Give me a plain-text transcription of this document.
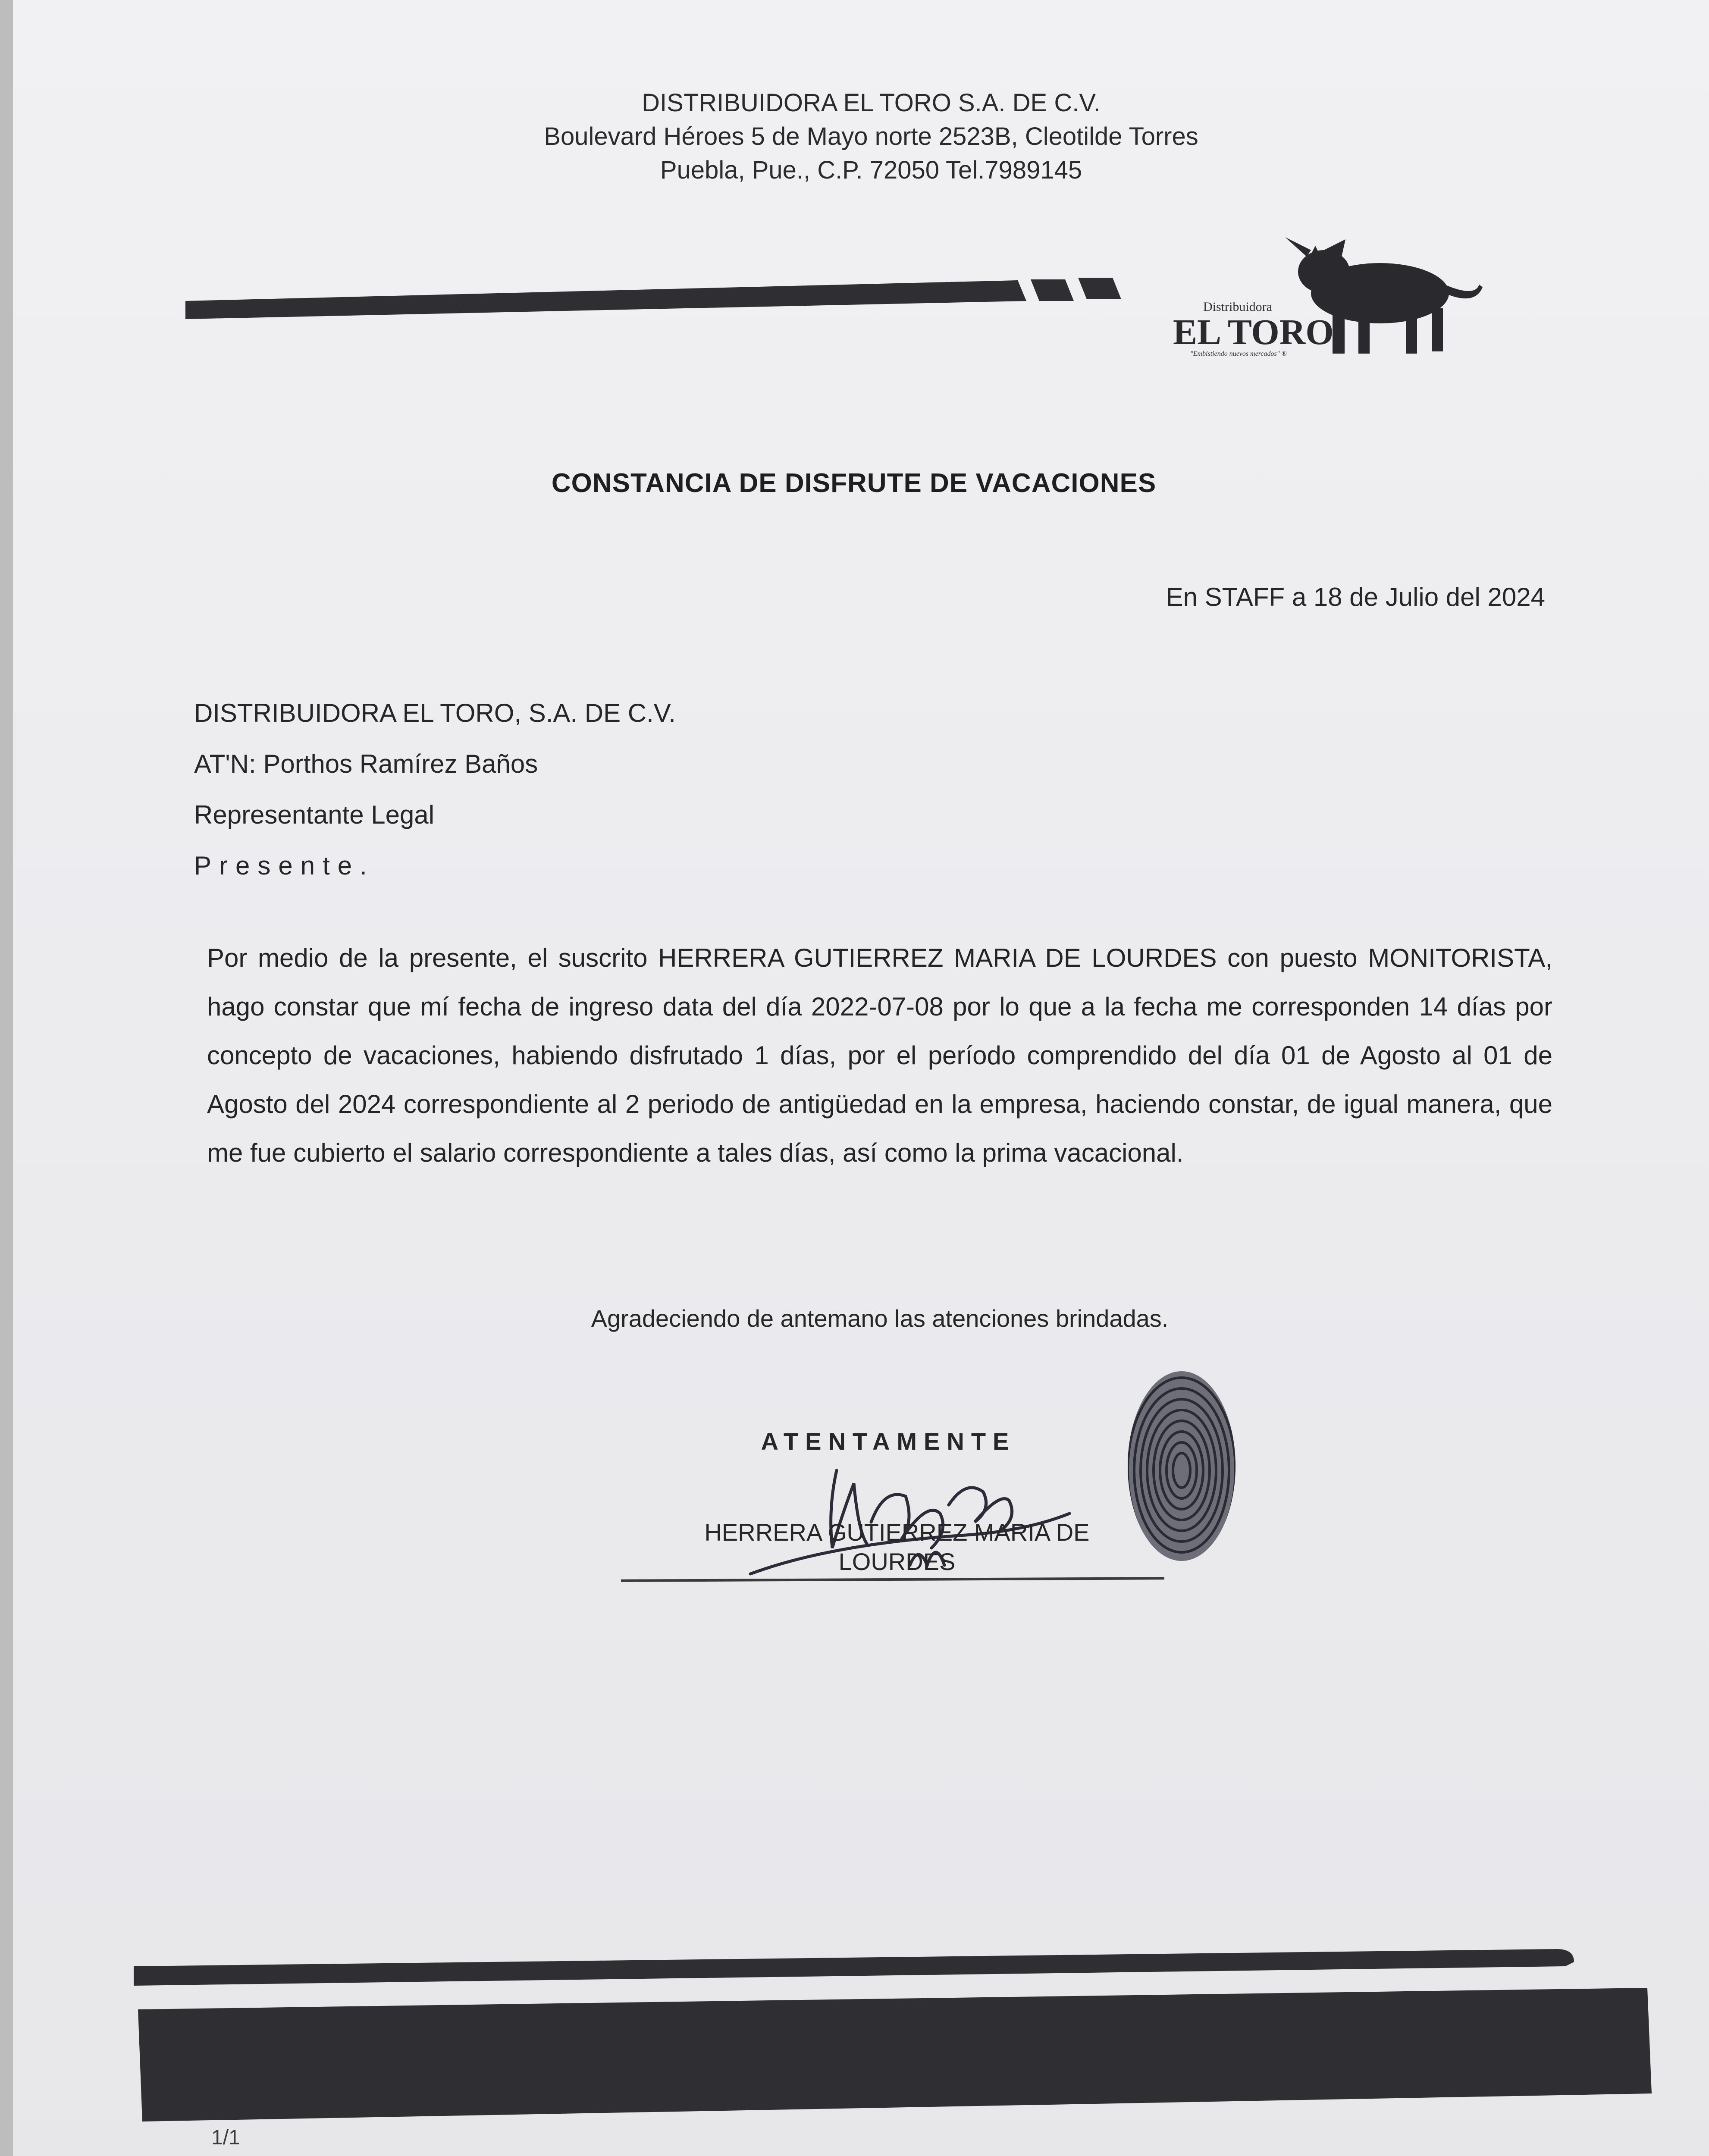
DISTRIBUIDORA EL TORO S.A. DE C.V.
Boulevard Héroes 5 de Mayo norte 2523B, Cleotilde Torres
Puebla, Pue., C.P. 72050 Tel.7989145
Distribuidora
EL TORO
"Embistiendo nuevos mercados" ®
CONSTANCIA DE DISFRUTE DE VACACIONES
En STAFF a 18 de Julio del 2024
DISTRIBUIDORA EL TORO, S.A. DE C.V.
AT'N: Porthos Ramírez Baños
Representante Legal
Presente.
Por medio de la presente, el suscrito HERRERA GUTIERREZ MARIA DE LOURDES con puesto MONITORISTA, hago constar que mí fecha de ingreso data del día 2022-07-08 por lo que a la fecha me corresponden 14 días por concepto de vacaciones, habiendo disfrutado 1 días, por el período comprendido del día 01 de Agosto al 01 de Agosto del 2024 correspondiente al 2 periodo de antigüedad en la empresa, haciendo constar, de igual manera, que me fue cubierto el salario correspondiente a tales días, así como la prima vacacional.
Agradeciendo de antemano las atenciones brindadas.
ATENTAMENTE
HERRERA GUTIERREZ MARIA DE
LOURDES
1/1
